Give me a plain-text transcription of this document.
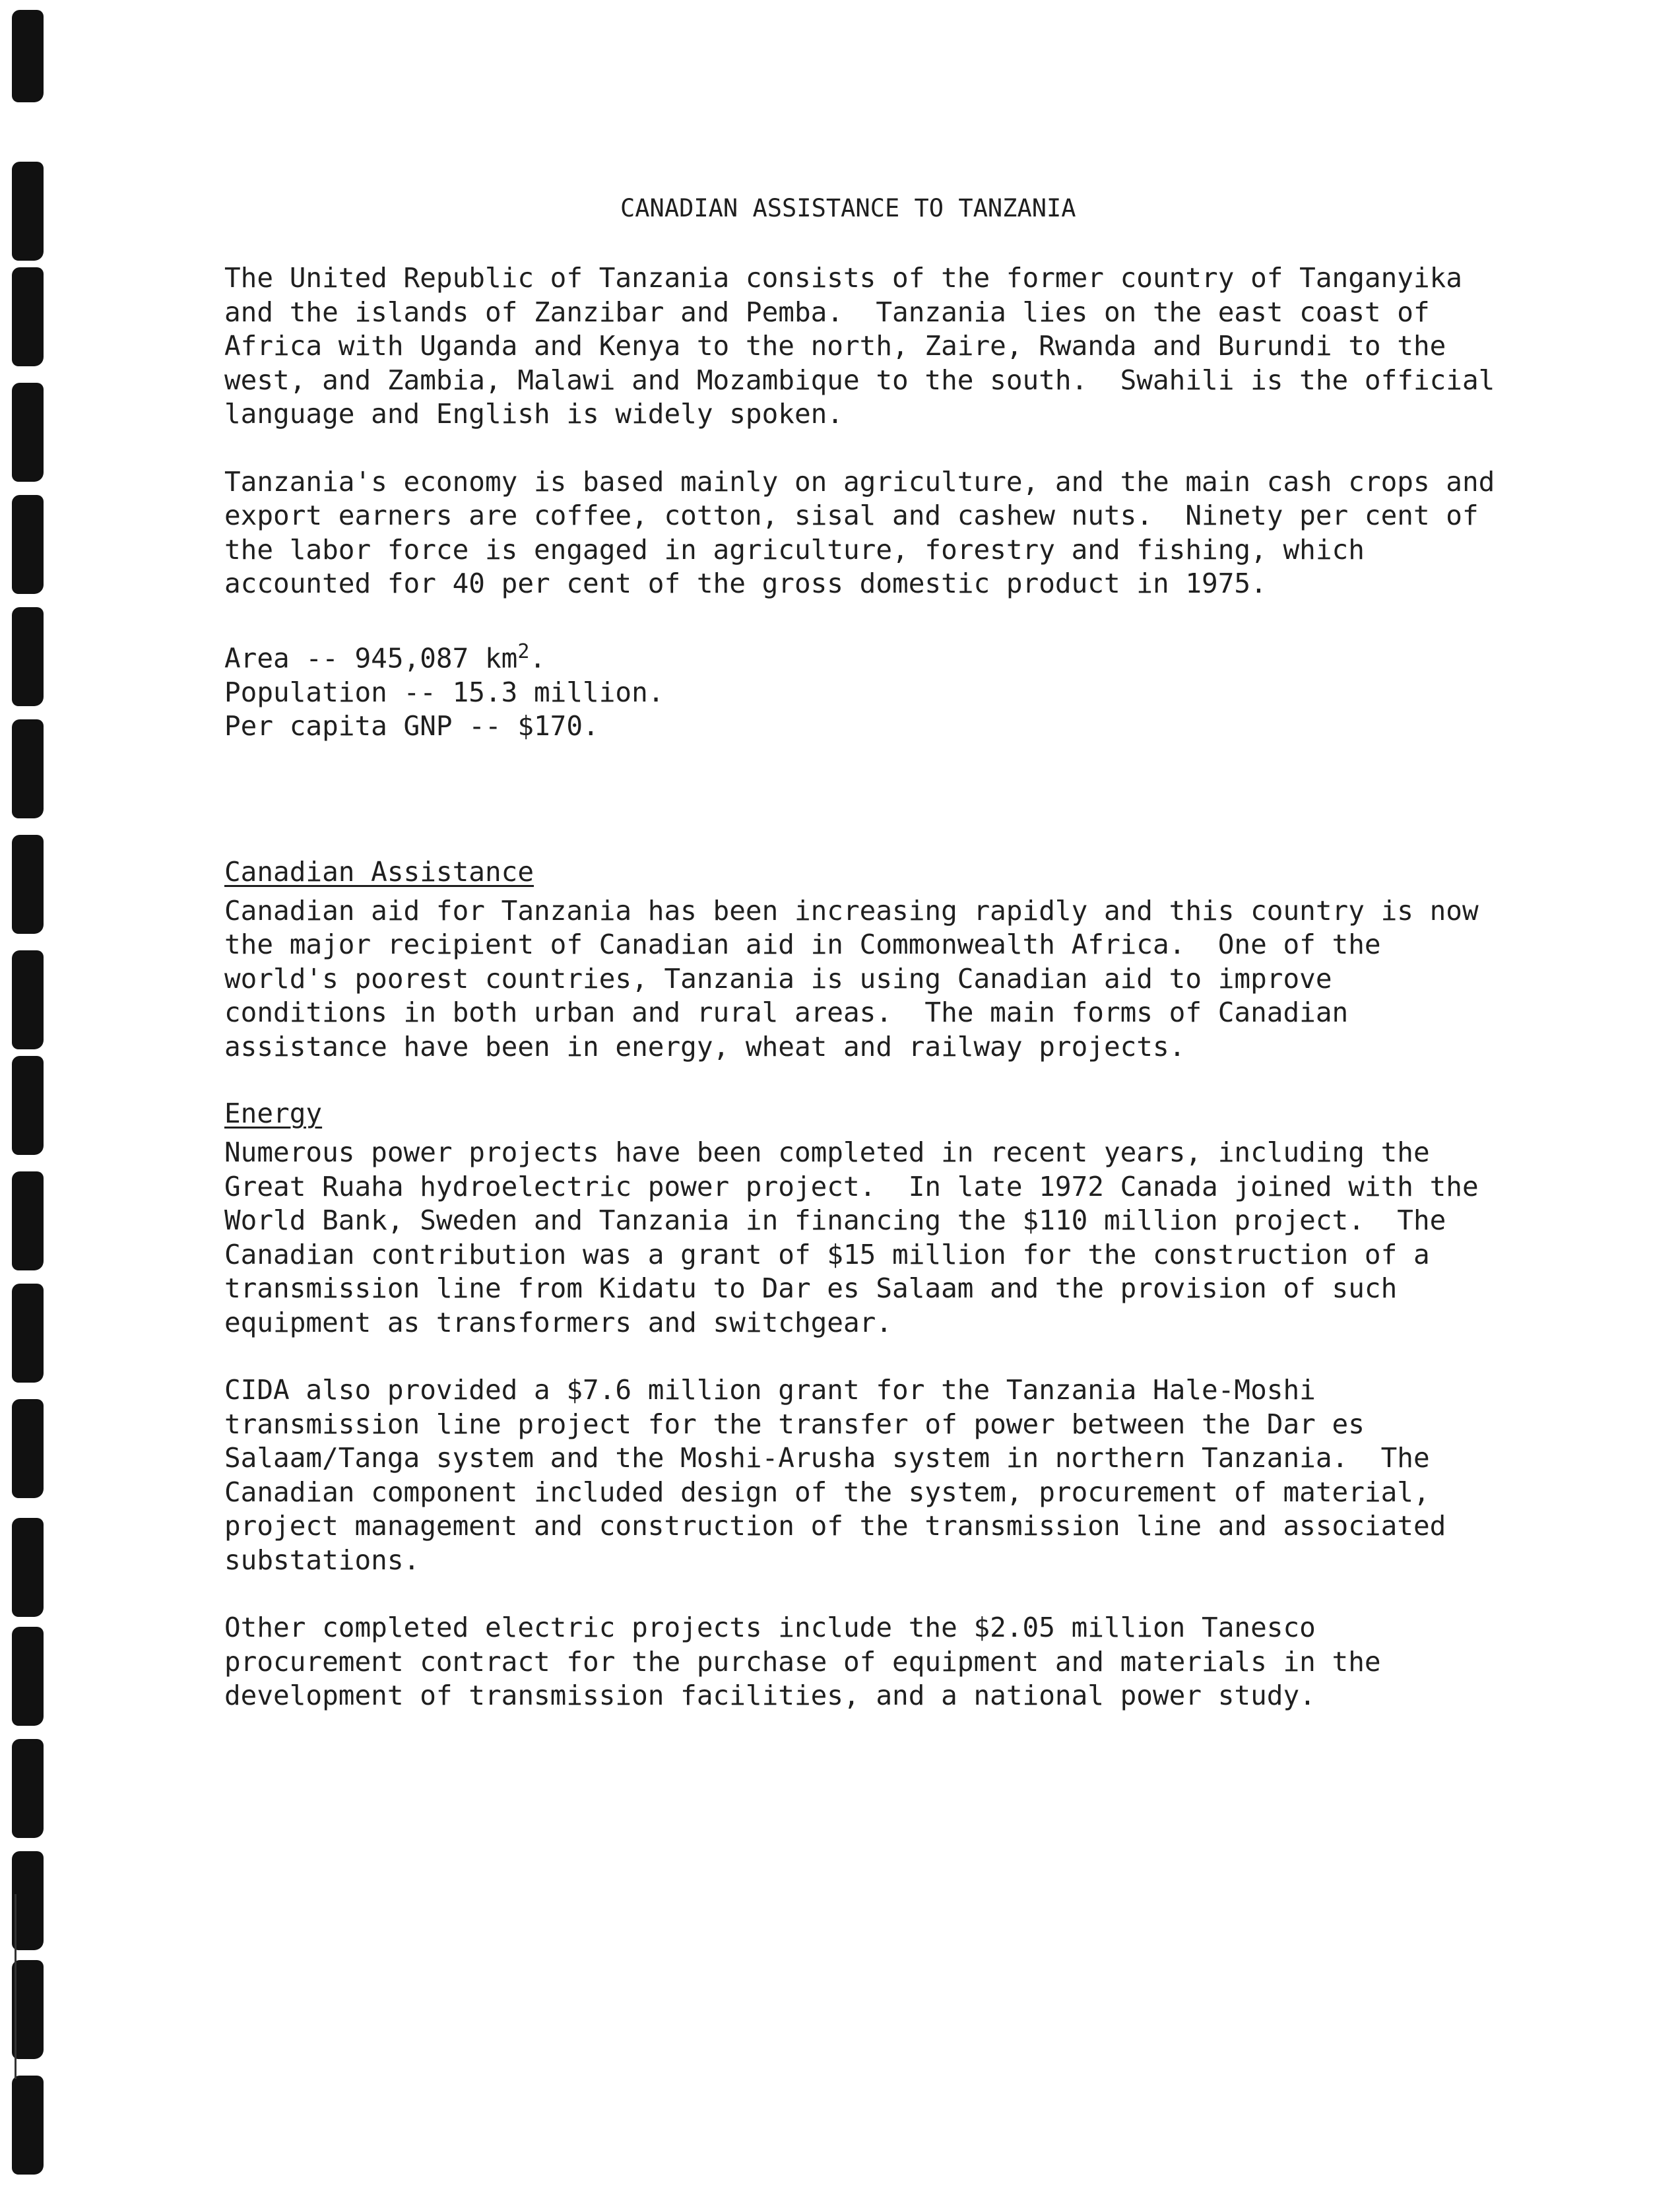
CANADIAN ASSISTANCE TO TANZANIA

The United Republic of Tanzania consists of the former country of Tanganyika
and the islands of Zanzibar and Pemba.  Tanzania lies on the east coast of
Africa with Uganda and Kenya to the north, Zaire, Rwanda and Burundi to the
west, and Zambia, Malawi and Mozambique to the south.  Swahili is the official
language and English is widely spoken.

Tanzania's economy is based mainly on agriculture, and the main cash crops and
export earners are coffee, cotton, sisal and cashew nuts.  Ninety per cent of
the labor force is engaged in agriculture, forestry and fishing, which
accounted for 40 per cent of the gross domestic product in 1975.

Area -- 945,087 $km^2$.
Population -- 15.3 million.
Per capita GNP -- $170.

Canadian Assistance

Canadian aid for Tanzania has been increasing rapidly and this country is now
the major recipient of Canadian aid in Commonwealth Africa.  One of the
world's poorest countries, Tanzania is using Canadian aid to improve
conditions in both urban and rural areas.  The main forms of Canadian
assistance have been in energy, wheat and railway projects.

Energy

Numerous power projects have been completed in recent years, including the
Great Ruaha hydroelectric power project.  In late 1972 Canada joined with the
World Bank, Sweden and Tanzania in financing the $110 million project.  The
Canadian contribution was a grant of $15 million for the construction of a
transmission line from Kidatu to Dar es Salaam and the provision of such
equipment as transformers and switchgear.

CIDA also provided a $7.6 million grant for the Tanzania Hale-Moshi
transmission line project for the transfer of power between the Dar es
Salaam/Tanga system and the Moshi-Arusha system in northern Tanzania.  The
Canadian component included design of the system, procurement of material,
project management and construction of the transmission line and associated
substations.

Other completed electric projects include the $2.05 million Tanesco
procurement contract for the purchase of equipment and materials in the
development of transmission facilities, and a national power study.
